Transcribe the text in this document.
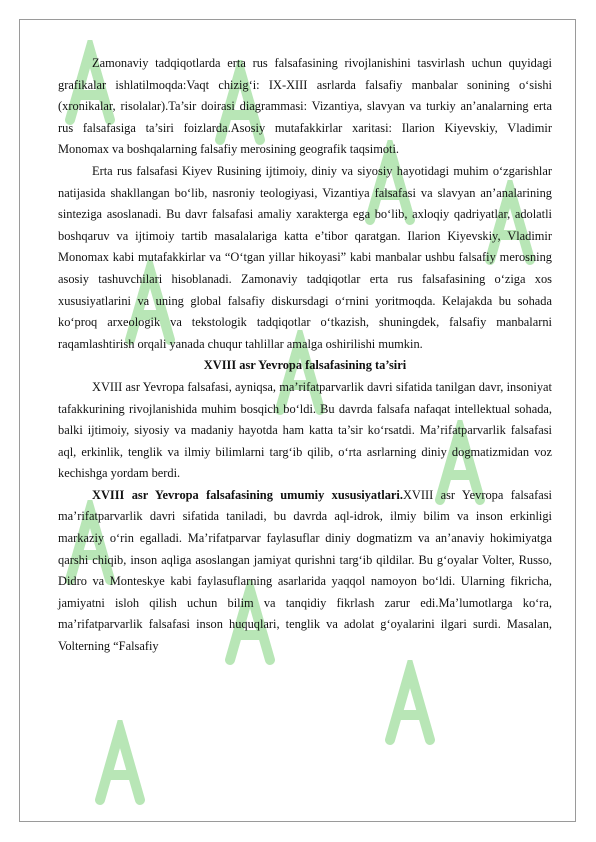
Zamonaviy tadqiqotlarda erta rus falsafasining rivojlanishini tasvirlash uchun quyidagi grafikalar ishlatilmoqda:Vaqt chizig‘i: IX-XIII asrlarda falsafiy manbalar sonining o‘sishi (xronikalar, risolalar).Ta’sir doirasi diagrammasi: Vizantiya, slavyan va turkiy an’analarning erta rus falsafasiga ta’siri foizlarda.Asosiy mutafakkirlar xaritasi: Ilarion Kiyevskiy, Vladimir Monomax va boshqalarning falsafiy merosining geografik taqsimoti.

Erta rus falsafasi Kiyev Rusining ijtimoiy, diniy va siyosiy hayotidagi muhim o‘zgarishlar natijasida shakllangan bo‘lib, nasroniy teologiyasi, Vizantiya falsafasi va slavyan an’analarining sinteziga asoslanadi. Bu davr falsafasi amaliy xarakterga ega bo‘lib, axloqiy qadriyatlar, adolatli boshqaruv va ijtimoiy tartib masalalariga katta e’tibor qaratgan. Ilarion Kiyevskiy, Vladimir Monomax kabi mutafakkirlar va “O‘tgan yillar hikoyasi” kabi manbalar ushbu falsafiy merosning asosiy tashuvchilari hisoblanadi. Zamonaviy tadqiqotlar erta rus falsafasining o‘ziga xos xususiyatlarini va uning global falsafiy diskursdagi o‘rnini yoritmoqda. Kelajakda bu sohada ko‘proq arxeologik va tekstologik tadqiqotlar o‘tkazish, shuningdek, falsafiy manbalarni raqamlashtirish orqali yanada chuqur tahlillar amalga oshirilishi mumkin.

XVIII asr Yevropa falsafasining ta’siri

XVIII asr Yevropa falsafasi, ayniqsa, ma’rifatparvarlik davri sifatida tanilgan davr, insoniyat tafakkurining rivojlanishida muhim bosqich bo‘ldi. Bu davrda falsafa nafaqat intellektual sohada, balki ijtimoiy, siyosiy va madaniy hayotda ham katta ta’sir ko‘rsatdi. Ma’rifatparvarlik falsafasi aql, erkinlik, tenglik va ilmiy bilimlarni targ‘ib qilib, o‘rta asrlarning diniy dogmatizmidan voz kechishga yordam berdi.

XVIII asr Yevropa falsafasining umumiy xususiyatlari.XVIII asr Yevropa falsafasi ma’rifatparvarlik davri sifatida taniladi, bu davrda aql-idrok, ilmiy bilim va inson erkinligi markaziy o‘rin egalladi. Ma’rifatparvar faylasuflar diniy dogmatizm va an’anaviy hokimiyatga qarshi chiqib, inson aqliga asoslangan jamiyat qurishni targ‘ib qildilar. Bu g‘oyalar Volter, Russo, Didro va Monteskye kabi faylasuflarning asarlarida yaqqol namoyon bo‘ldi. Ularning fikricha, jamiyatni isloh qilish uchun bilim va tanqidiy fikrlash zarur edi.Ma’lumotlarga ko‘ra, ma’rifatparvarlik falsafasi inson huquqlari, tenglik va adolat g‘oyalarini ilgari surdi. Masalan, Volterning “Falsafiy
